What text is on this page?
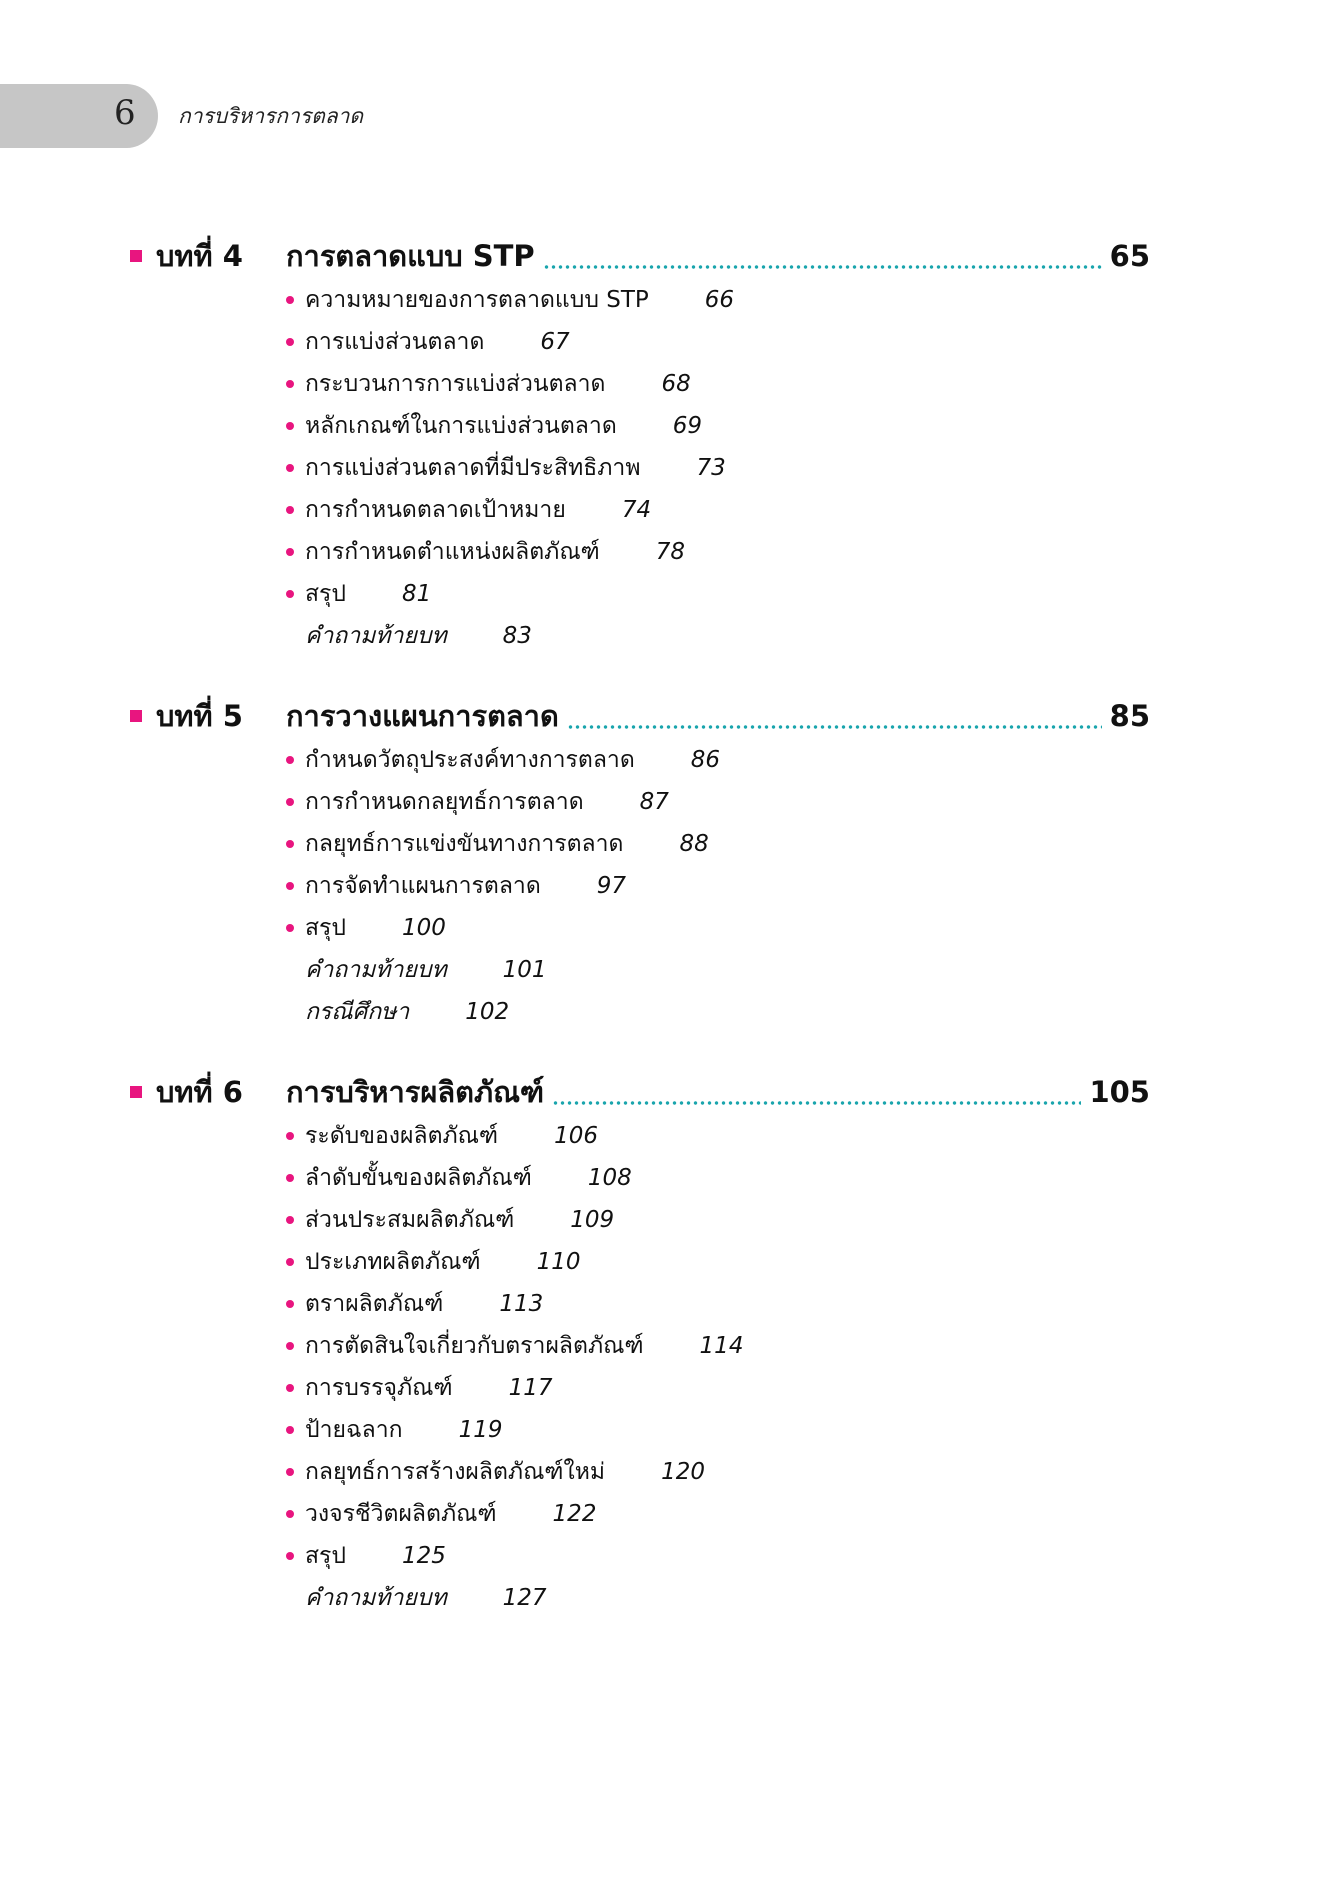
6 การบริหารการตลาด
บทที่ 4	การตลาดแบบ STP	65
ความหมายของการตลาดแบบ STP 66
การแบ่งส่วนตลาด 67
กระบวนการการแบ่งส่วนตลาด 68
หลักเกณฑ์ในการแบ่งส่วนตลาด 69
การแบ่งส่วนตลาดที่มีประสิทธิภาพ 73
การกำหนดตลาดเป้าหมาย 74
การกำหนดตำแหน่งผลิตภัณฑ์ 78
สรุป 81
คำถามท้ายบท 83
บทที่ 5	การวางแผนการตลาด	85
กำหนดวัตถุประสงค์ทางการตลาด 86
การกำหนดกลยุทธ์การตลาด 87
กลยุทธ์การแข่งขันทางการตลาด 88
การจัดทำแผนการตลาด 97
สรุป 100
คำถามท้ายบท 101
กรณีศึกษา 102
บทที่ 6	การบริหารผลิตภัณฑ์	105
ระดับของผลิตภัณฑ์ 106
ลำดับขั้นของผลิตภัณฑ์ 108
ส่วนประสมผลิตภัณฑ์ 109
ประเภทผลิตภัณฑ์ 110
ตราผลิตภัณฑ์ 113
การตัดสินใจเกี่ยวกับตราผลิตภัณฑ์ 114
การบรรจุภัณฑ์ 117
ป้ายฉลาก 119
กลยุทธ์การสร้างผลิตภัณฑ์ใหม่ 120
วงจรชีวิตผลิตภัณฑ์ 122
สรุป 125
คำถามท้ายบท 127
